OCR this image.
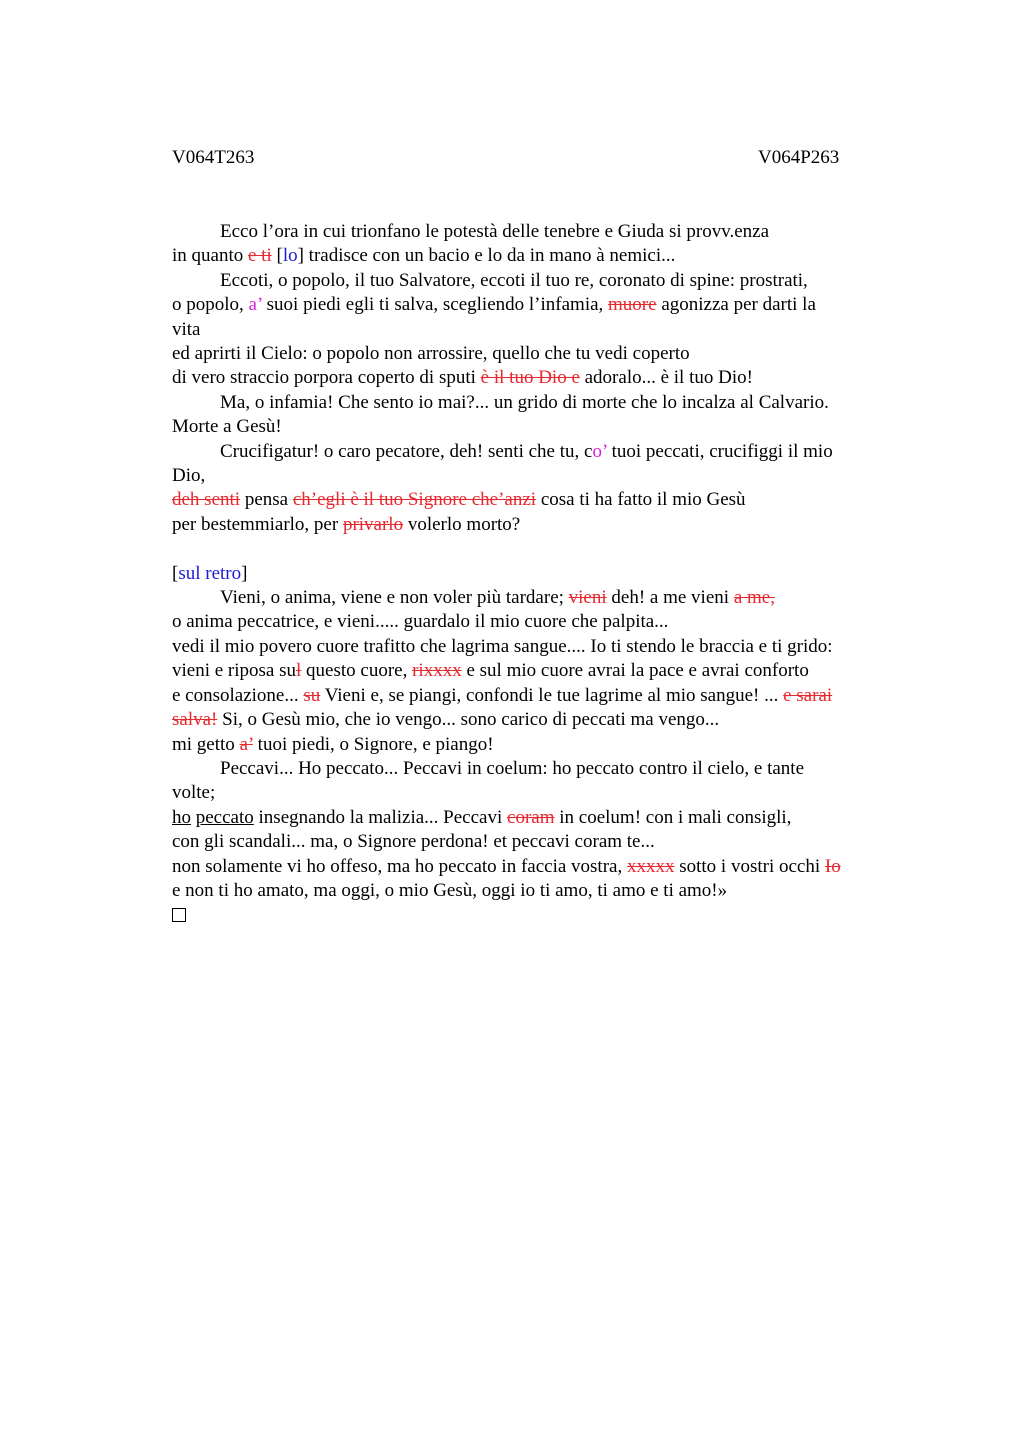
V064T263	V064P263
Ecco l’ora in cui trionfano le potestà delle tenebre e Giuda si provv.enza
in quanto e ti [lo] tradisce con un bacio e lo da in mano à nemici...
Eccoti, o popolo, il tuo Salvatore, eccoti il tuo re, coronato di spine: prostrati,
o popolo, a’ suoi piedi egli ti salva, scegliendo l’infamia, muore agonizza per darti la
vita
ed aprirti il Cielo: o popolo non arrossire, quello che tu vedi coperto
di vero straccio porpora coperto di sputi è il tuo Dio e adoralo... è il tuo Dio!
Ma, o infamia! Che sento io mai?... un grido di morte che lo incalza al Calvario.
Morte a Gesù!
Crucifigatur! o caro pecatore, deh! senti che tu, co’ tuoi peccati, crucifiggi il mio
Dio,
deh senti pensa ch’egli è il tuo Signore che’anzi cosa ti ha fatto il mio Gesù
per bestemmiarlo, per privarlo volerlo morto?
[sul retro]
Vieni, o anima, viene e non voler più tardare; vieni deh! a me vieni a me,
o anima peccatrice, e vieni..... guardalo il mio cuore che palpita...
vedi il mio povero cuore trafitto che lagrima sangue.... Io ti stendo le braccia e ti grido:
vieni e riposa sul questo cuore, rixxxx e sul mio cuore avrai la pace e avrai conforto
e consolazione... su Vieni e, se piangi, confondi le tue lagrime al mio sangue! ... e sarai
salva! Si, o Gesù mio, che io vengo... sono carico di peccati ma vengo...
mi getto a’ tuoi piedi, o Signore, e piango!
Peccavi... Ho peccato... Peccavi in coelum: ho peccato contro il cielo, e tante
volte;
ho peccato insegnando la malizia... Peccavi coram in coelum! con i mali consigli,
con gli scandali... ma, o Signore perdona! et peccavi coram te...
non solamente vi ho offeso, ma ho peccato in faccia vostra, xxxxx sotto i vostri occhi Io
e non ti ho amato, ma oggi, o mio Gesù, oggi io ti amo, ti amo e ti amo!»
